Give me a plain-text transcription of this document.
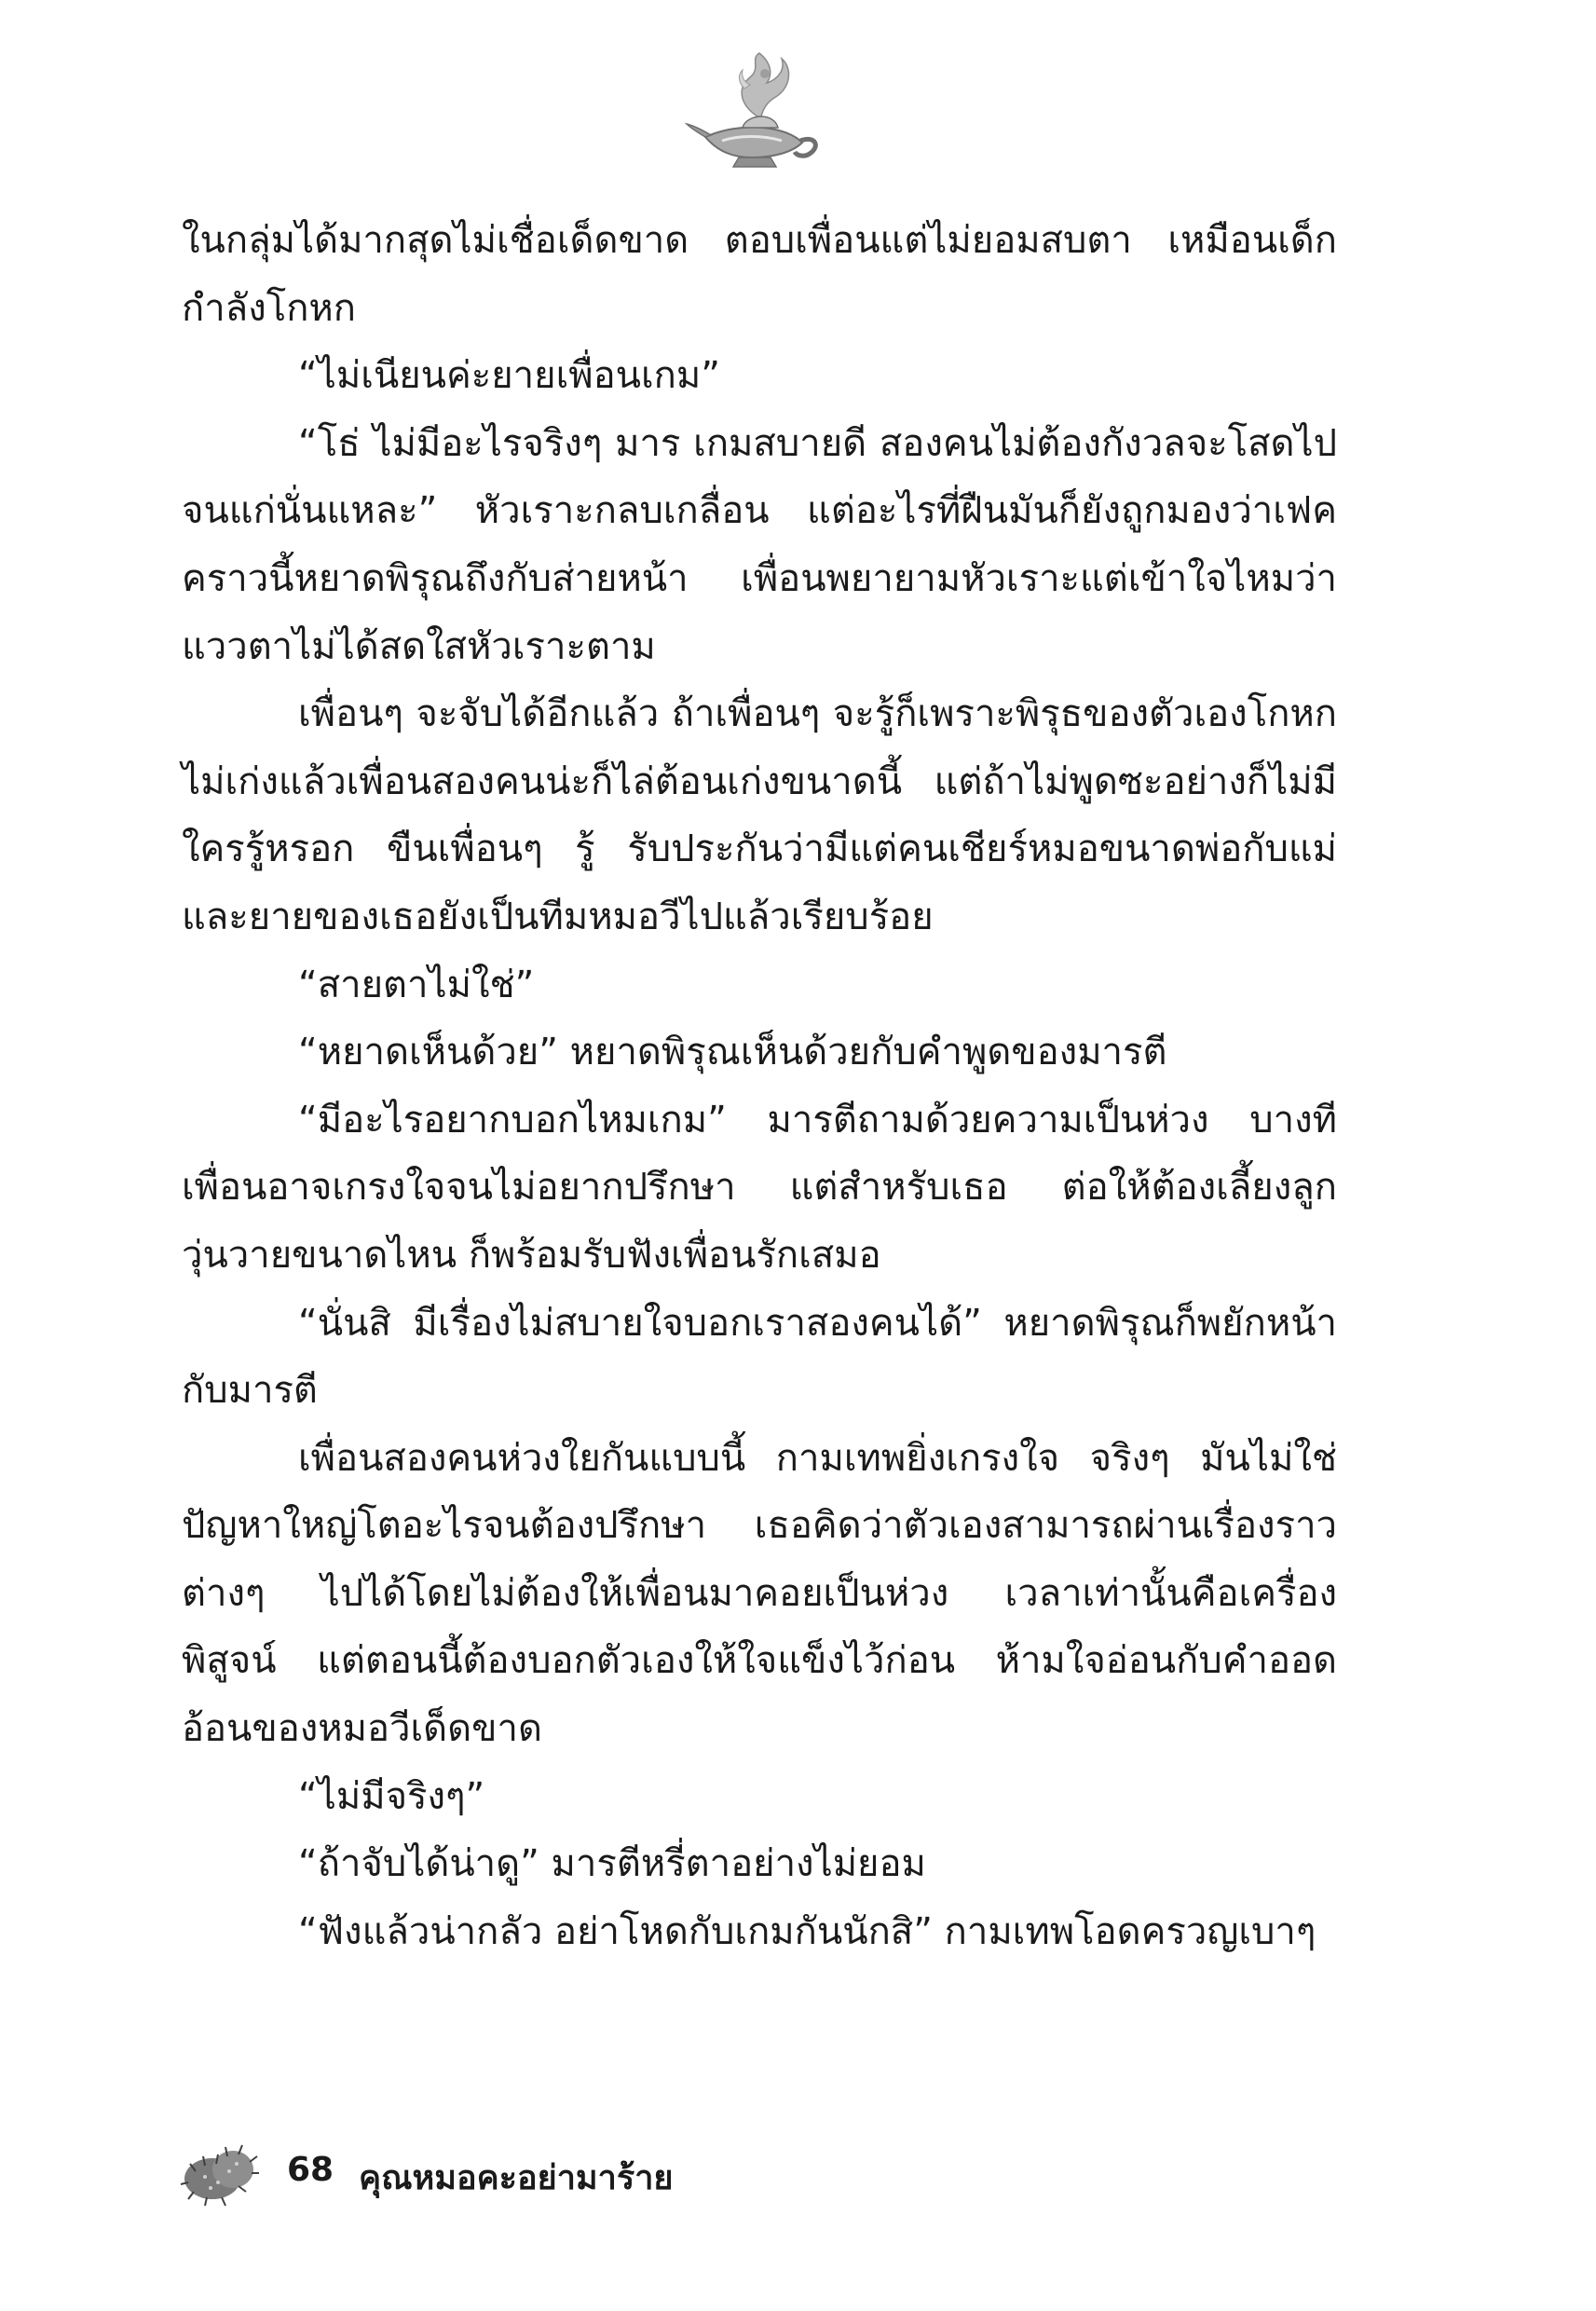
ในกลุ่มได้มากสุดไม่เชื่อเด็ดขาด ตอบเพื่อนแต่ไม่ยอมสบตา เหมือนเด็กกำลังโกหก

“ไม่เนียนค่ะยายเพื่อนเกม”

“โธ่ ไม่มีอะไรจริงๆ มาร เกมสบายดี สองคนไม่ต้องกังวลจะโสดไปจนแก่นั่นแหละ” หัวเราะกลบเกลื่อน แต่อะไรที่ฝืนมันก็ยังถูกมองว่าเฟค คราวนี้หยาดพิรุณถึงกับส่ายหน้า เพื่อนพยายามหัวเราะแต่เข้าใจไหมว่าแววตาไม่ได้สดใสหัวเราะตาม

เพื่อนๆ จะจับได้อีกแล้ว ถ้าเพื่อนๆ จะรู้ก็เพราะพิรุธของตัวเองโกหกไม่เก่งแล้วเพื่อนสองคนน่ะก็ไล่ต้อนเก่งขนาดนี้ แต่ถ้าไม่พูดซะอย่างก็ไม่มีใครรู้หรอก ขืนเพื่อนๆ รู้ รับประกันว่ามีแต่คนเชียร์หมอขนาดพ่อกับแม่และยายของเธอยังเป็นทีมหมอวีไปแล้วเรียบร้อย

“สายตาไม่ใช่”

“หยาดเห็นด้วย” หยาดพิรุณเห็นด้วยกับคำพูดของมารตี

“มีอะไรอยากบอกไหมเกม” มารตีถามด้วยความเป็นห่วง บางทีเพื่อนอาจเกรงใจจนไม่อยากปรึกษา แต่สำหรับเธอ ต่อให้ต้องเลี้ยงลูกวุ่นวายขนาดไหน ก็พร้อมรับฟังเพื่อนรักเสมอ

“นั่นสิ มีเรื่องไม่สบายใจบอกเราสองคนได้” หยาดพิรุณก็พยักหน้ากับมารตี

เพื่อนสองคนห่วงใยกันแบบนี้ กามเทพยิ่งเกรงใจ จริงๆ มันไม่ใช่ปัญหาใหญ่โตอะไรจนต้องปรึกษา เธอคิดว่าตัวเองสามารถผ่านเรื่องราวต่างๆ ไปได้โดยไม่ต้องให้เพื่อนมาคอยเป็นห่วง เวลาเท่านั้นคือเครื่องพิสูจน์ แต่ตอนนี้ต้องบอกตัวเองให้ใจแข็งไว้ก่อน ห้ามใจอ่อนกับคำออดอ้อนของหมอวีเด็ดขาด

“ไม่มีจริงๆ”

“ถ้าจับได้น่าดู” มารตีหรี่ตาอย่างไม่ยอม

“ฟังแล้วน่ากลัว อย่าโหดกับเกมกันนักสิ” กามเทพโอดครวญเบาๆ

68 คุณหมอคะอย่ามาร้าย
